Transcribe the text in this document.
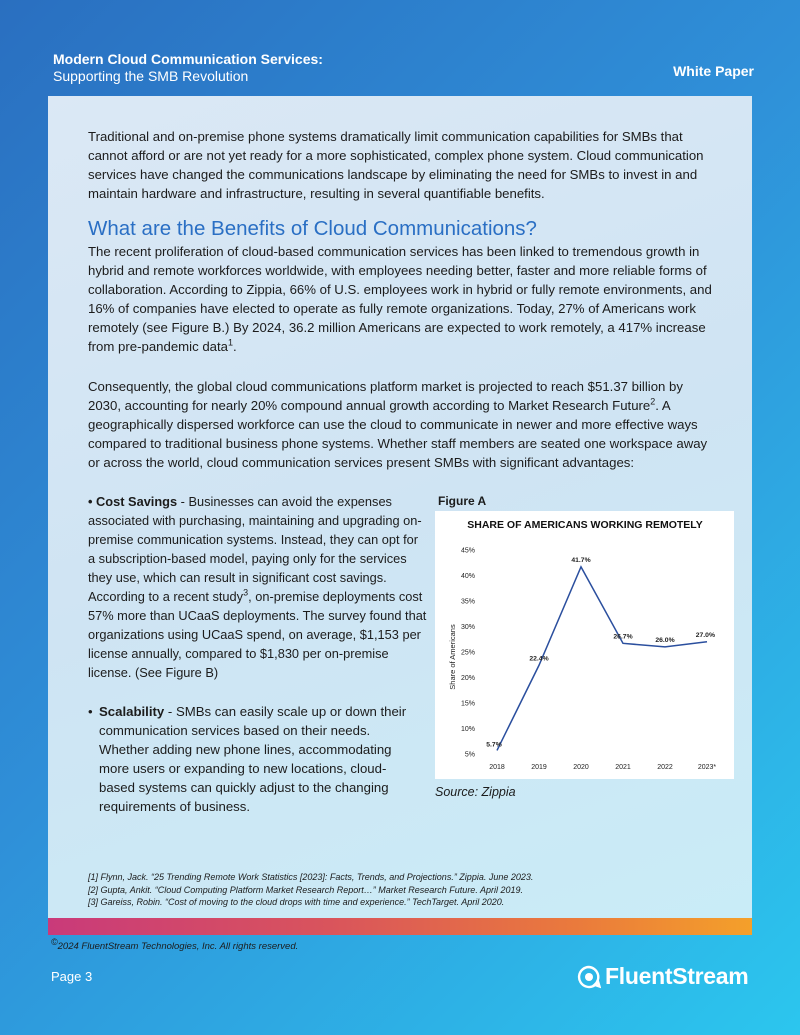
Modern Cloud Communication Services:
Supporting the SMB Revolution	White Paper
Traditional and on-premise phone systems dramatically limit communication capabilities for SMBs that cannot afford or are not yet ready for a more sophisticated, complex phone system. Cloud communication services have changed the communications landscape by eliminating the need for SMBs to invest in and maintain hardware and infrastructure, resulting in several quantifiable benefits.
What are the Benefits of Cloud Communications?
The recent proliferation of cloud-based communication services has been linked to tremendous growth in hybrid and remote workforces worldwide, with employees needing better, faster and more reliable forms of collaboration. According to Zippia, 66% of U.S. employees work in hybrid or fully remote environments, and 16% of companies have elected to operate as fully remote organizations. Today, 27% of Americans work remotely (see Figure B.) By 2024, 36.2 million Americans are expected to work remotely, a 417% increase from pre-pandemic data$^1$.
Consequently, the global cloud communications platform market is projected to reach $51.37 billion by 2030, accounting for nearly 20% compound annual growth according to Market Research Future$^2$. A geographically dispersed workforce can use the cloud to communicate in newer and more effective ways compared to traditional business phone systems. Whether staff members are seated one workspace away or across the world, cloud communication services present SMBs with significant advantages:
• Cost Savings - Businesses can avoid the expenses associated with purchasing, maintaining and upgrading on-premise communication systems. Instead, they can opt for a subscription-based model, paying only for the services they use, which can result in significant cost savings. According to a recent study$^3$, on-premise deployments cost 57% more than UCaaS deployments. The survey found that organizations using UCaaS spend, on average, $1,153 per license annually, compared to $1,830 per on-premise license. (See Figure B)
• Scalability - SMBs can easily scale up or down their communication services based on their needs. Whether adding new phone lines, accommodating more users or expanding to new locations, cloud-based systems can quickly adjust to the changing requirements of business.
Figure A
SHARE OF AMERICANS WORKING REMOTELY
Share of Americans
5%
10%
15%
20%
25%
30%
35%
40%
45%
2018	2019	2020	2021	2022	2023*
5.7%
22.4%
41.7%
26.7%
26.0%
27.0%
Source: Zippia
[1] Flynn, Jack. “25 Trending Remote Work Statistics [2023]: Facts, Trends, and Projections.” Zippia. June 2023.
[2] Gupta, Ankit. “Cloud Computing Platform Market Research Report…” Market Research Future. April 2019.
[3] Gareiss, Robin. “Cost of moving to the cloud drops with time and experience.” TechTarget. April 2020.
©2024 FluentStream Technologies, Inc. All rights reserved.
Page 3	FluentStream
